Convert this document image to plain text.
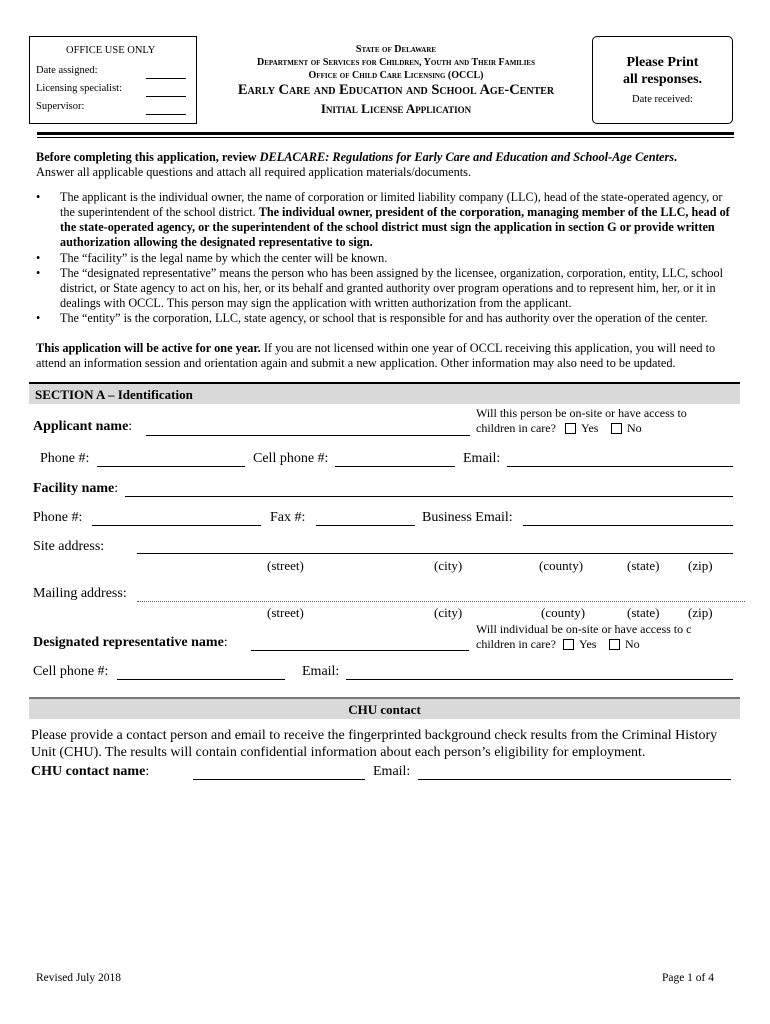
OFFICE USE ONLY
Date assigned:
Licensing specialist:
Supervisor:
State of Delaware
Department of Services for Children, Youth and Their Families
Office of Child Care Licensing (OCCL)
Early Care and Education and School Age-Center
Initial License Application
Please Print
all responses.
Date received:
Before completing this application, review DELACARE: Regulations for Early Care and Education and School-Age Centers.
Answer all applicable questions and attach all required application materials/documents.
• The applicant is the individual owner, the name of corporation or limited liability company (LLC), head of the state-operated agency, or the superintendent of the school district. The individual owner, president of the corporation, managing member of the LLC, head of the state-operated agency, or the superintendent of the school district must sign the application in section G or provide written authorization allowing the designated representative to sign.
• The “facility” is the legal name by which the center will be known.
• The “designated representative” means the person who has been assigned by the licensee, organization, corporation, entity, LLC, school district, or State agency to act on his, her, or its behalf and granted authority over program operations and to represent him, her, or it in dealings with OCCL. This person may sign the application with written authorization from the applicant.
• The “entity” is the corporation, LLC, state agency, or school that is responsible for and has authority over the operation of the center.
This application will be active for one year. If you are not licensed within one year of OCCL receiving this application, you will need to attend an information session and orientation again and submit a new application. Other information may also need to be updated.
SECTION A – Identification
Will this person be on-site or have access to
children in care? Yes No
Applicant name:
Phone #:	Cell phone #:	Email:
Facility name:
Phone #:	Fax #:	Business Email:
Site address:
(street)	(city)	(county)	(state) (zip)
Mailing address:
(street)	(city)	(county)	(state) (zip)
Will individual be on-site or have access to c
children in care? Yes No
Designated representative name:
Cell phone #:	Email:
CHU contact
Please provide a contact person and email to receive the fingerprinted background check results from the Criminal History Unit (CHU). The results will contain confidential information about each person’s eligibility for employment.
CHU contact name:	Email:
Revised July 2018	Page 1 of 4
